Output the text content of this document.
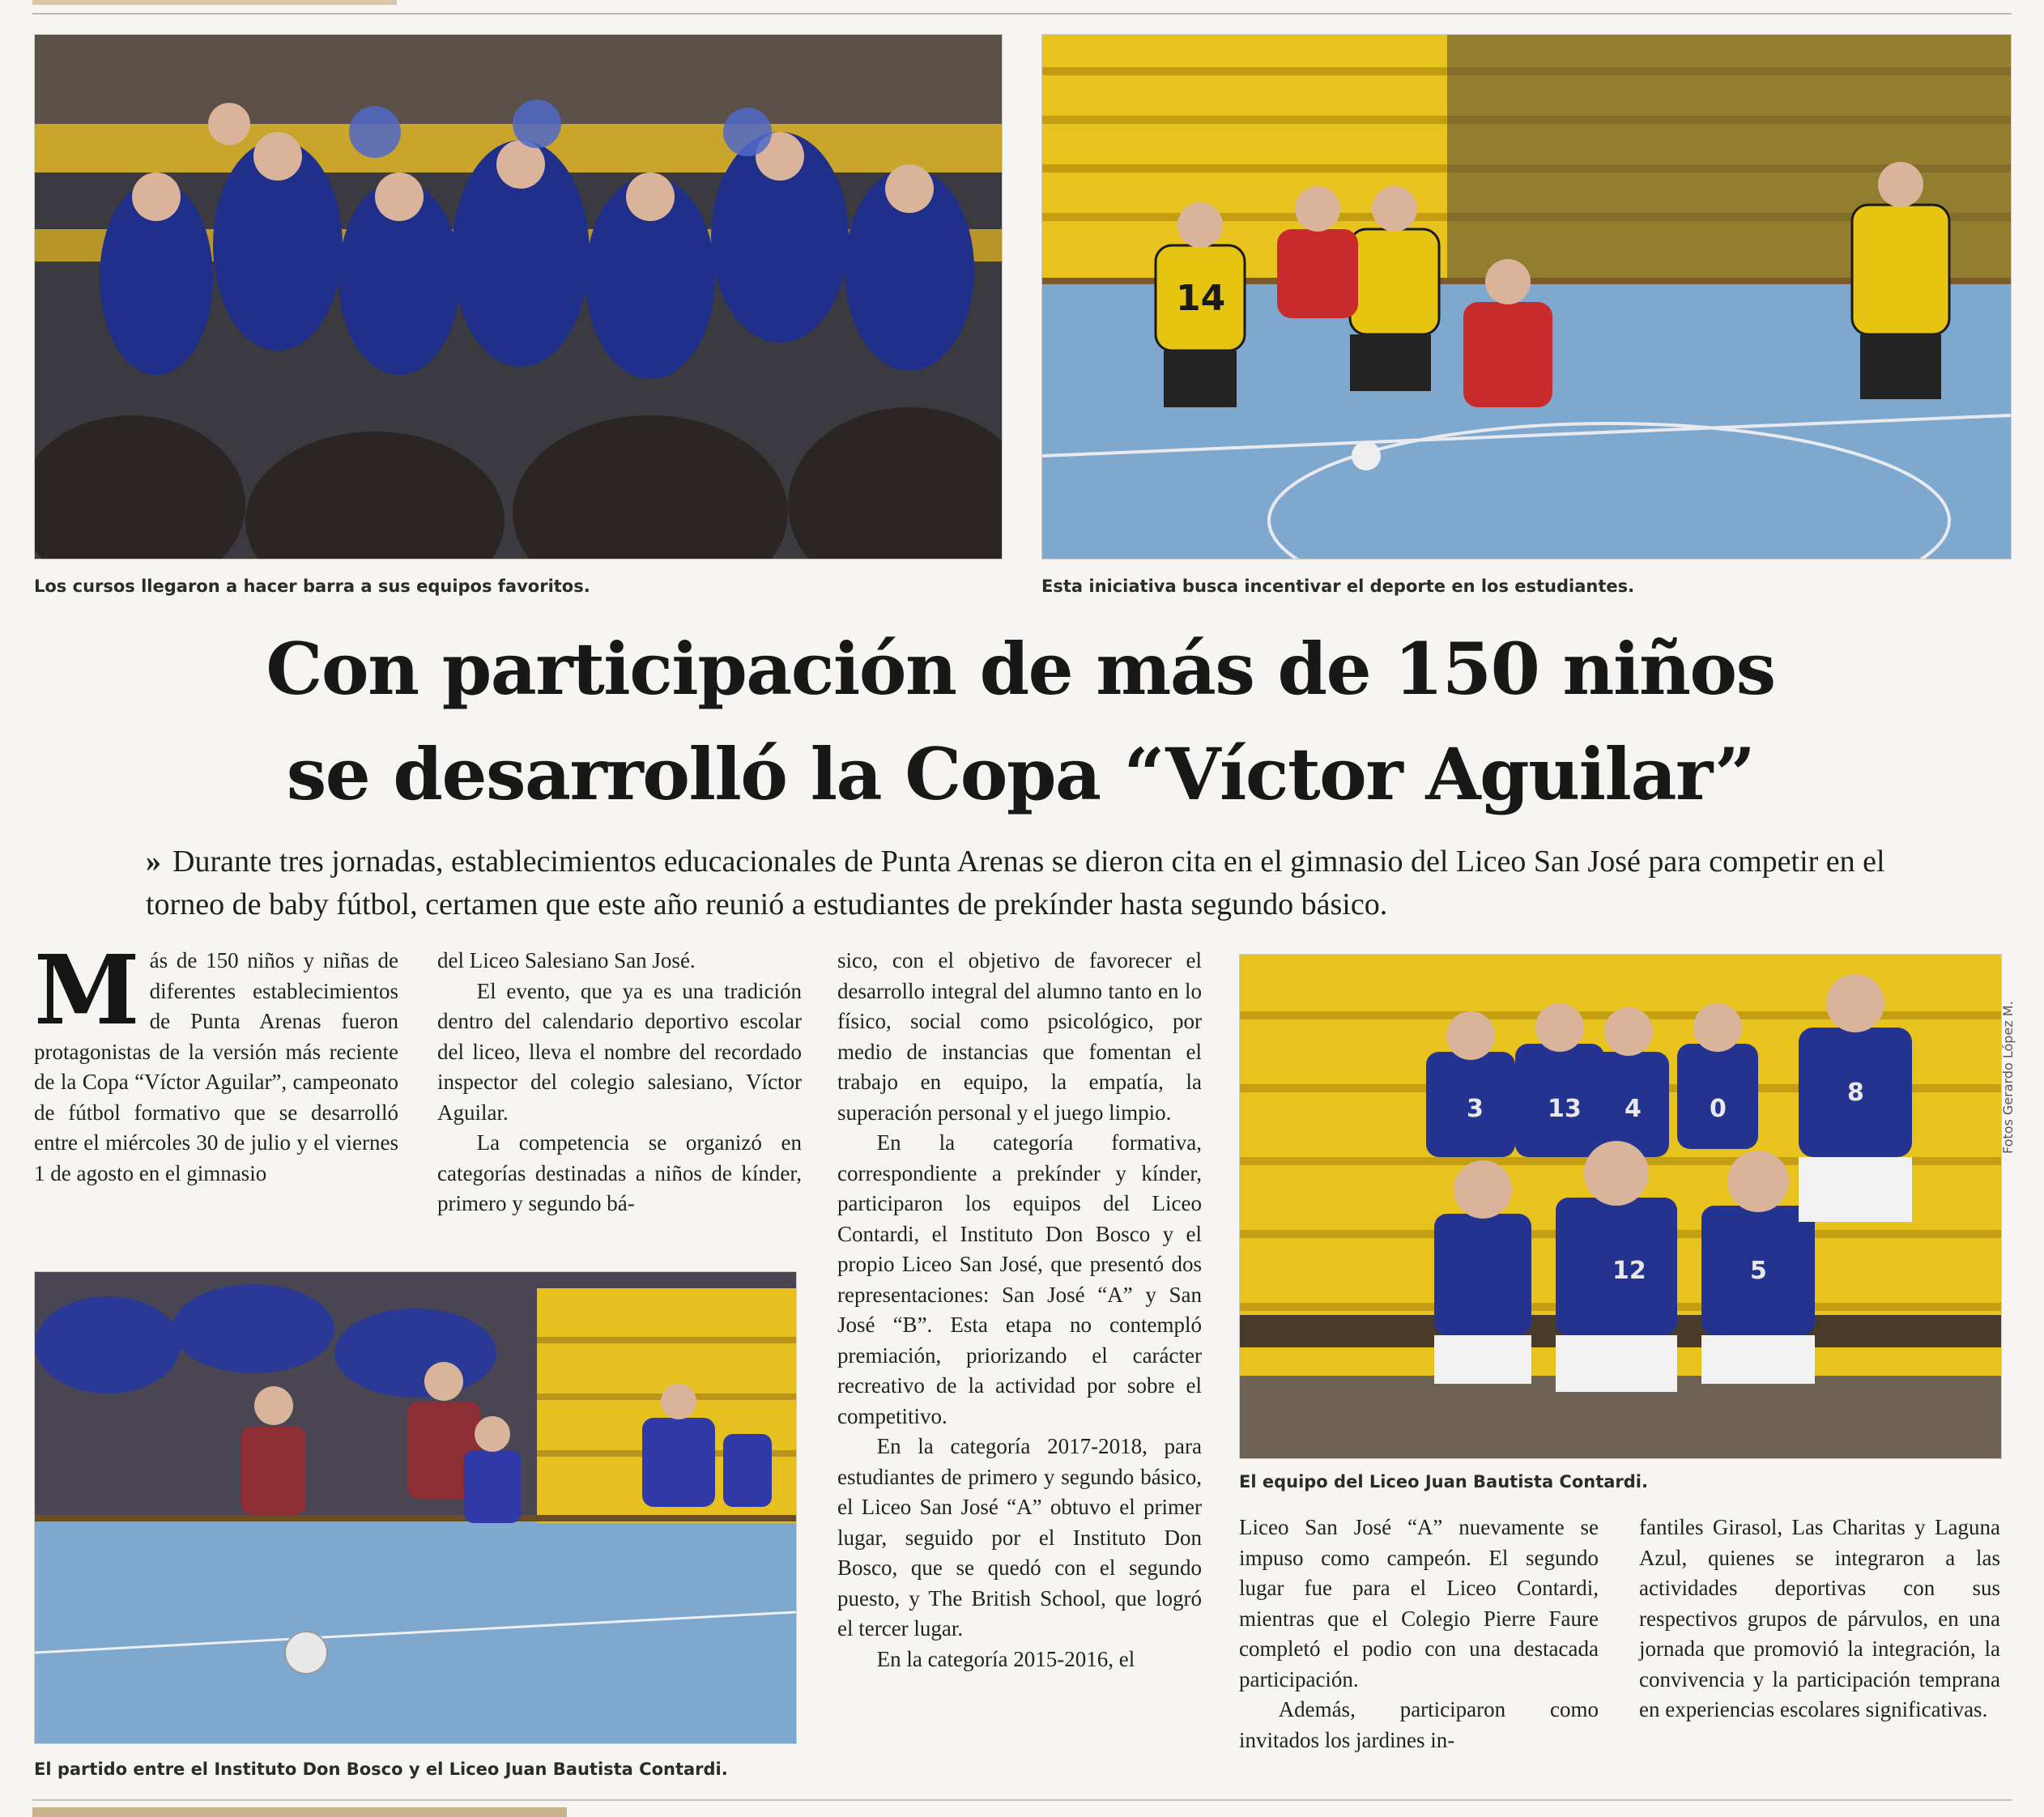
Los cursos llegaron a hacer barra a sus equipos favoritos.
14
Esta iniciativa busca incentivar el deporte en los estudiantes.
Con participación de más de 150 niños
se desarrolló la Copa “Víctor Aguilar”
» Durante tres jornadas, establecimientos educacionales de Punta Arenas se dieron cita en el gimnasio del Liceo San José para competir en el torneo de baby fútbol, certamen que este año reunió a estudiantes de prekínder hasta segundo básico.

Más de 150 niños y niñas de diferentes establecimientos de Punta Arenas fueron protagonistas de la versión más reciente de la Copa “Víctor Aguilar”, campeonato de fútbol formativo que se desarrolló entre el miércoles 30 de julio y el viernes 1 de agosto en el gimnasio

del Liceo Salesiano San José.

El evento, que ya es una tradición dentro del calendario deportivo escolar del liceo, lleva el nombre del recordado inspector del colegio salesiano, Víctor Aguilar.

La competencia se organizó en categorías destinadas a niños de kínder, primero y segundo bá-

sico, con el objetivo de favorecer el desarrollo integral del alumno tanto en lo físico, social como psicológico, por medio de instancias que fomentan el trabajo en equipo, la empatía, la superación personal y el juego limpio.

En la categoría formativa, correspondiente a prekínder y kínder, participaron los equipos del Liceo Contardi, el Instituto Don Bosco y el propio Liceo San José, que presentó dos representaciones: San José “A” y San José “B”. Esta etapa no contempló premiación, priorizando el carácter recreativo de la actividad por sobre el competitivo.

En la categoría 2017-2018, para estudiantes de primero y segundo básico, el Liceo San José “A” obtuvo el primer lugar, seguido por el Instituto Don Bosco, que se quedó con el segundo puesto, y The British School, que logró el tercer lugar.

En la categoría 2015-2016, el

El partido entre el Instituto Don Bosco y el Liceo Juan Bautista Contardi.
3	13 4	0
8
12	5
Fotos Gerardo López M.
El equipo del Liceo Juan Bautista Contardi.

Liceo San José “A” nuevamente se impuso como campeón. El segundo lugar fue para el Liceo Contardi, mientras que el Colegio Pierre Faure completó el podio con una destacada participación.

Además, participaron como invitados los jardines in-

fantiles Girasol, Las Charitas y Laguna Azul, quienes se integraron a las actividades deportivas con sus respectivos grupos de párvulos, en una jornada que promovió la integración, la convivencia y la participación temprana en experiencias escolares significativas.
